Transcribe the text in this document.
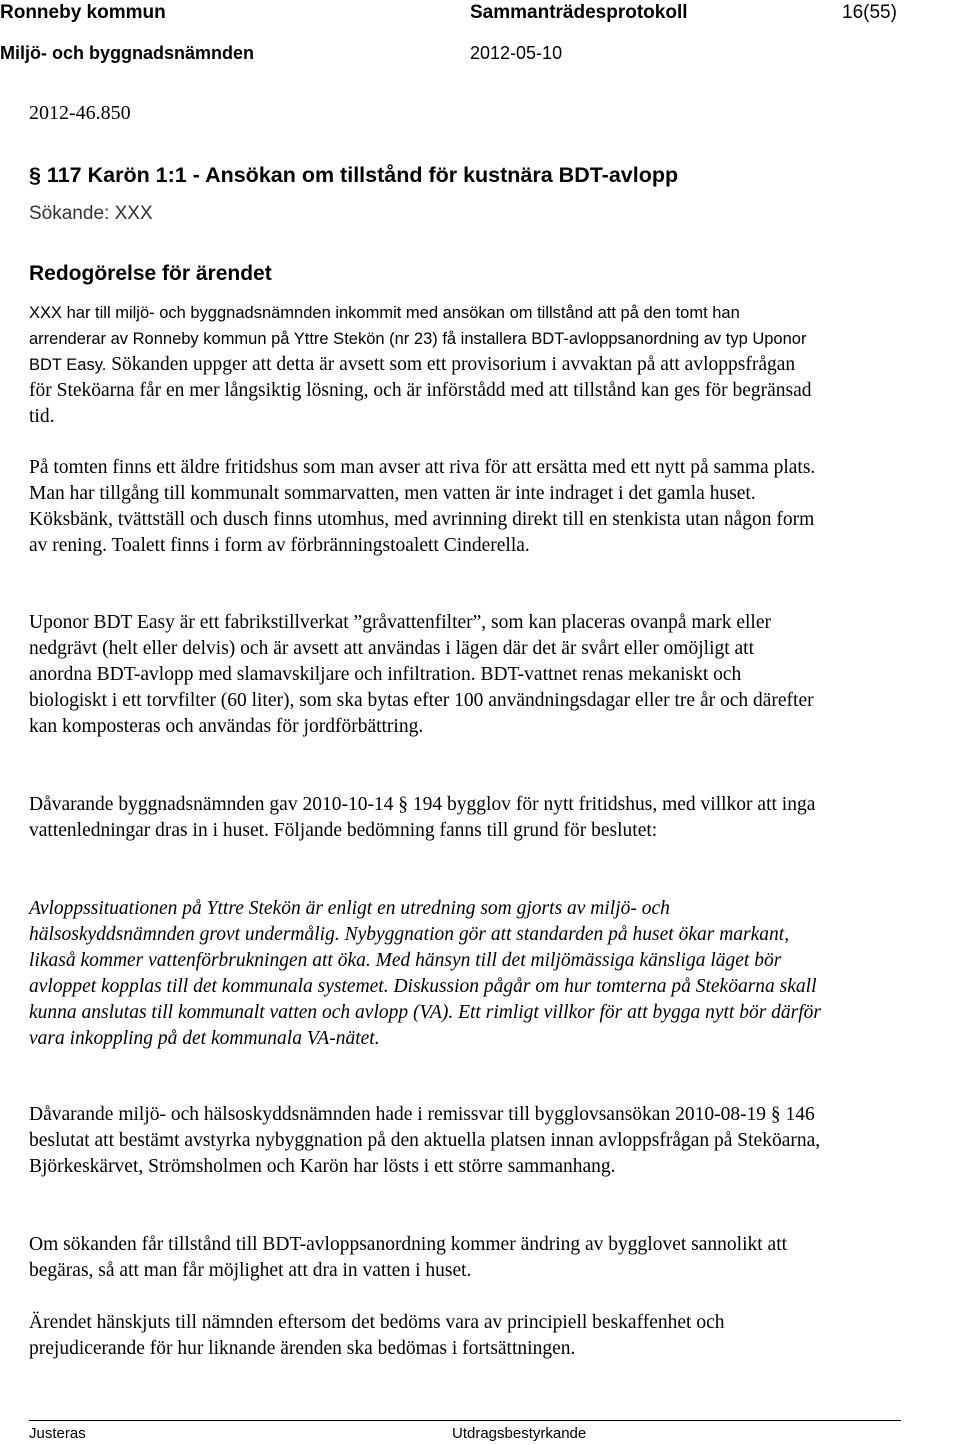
Ronneby kommun	Sammanträdesprotokoll	16(55)
Miljö- och byggnadsnämnden	2012-05-10
2012-46.850
§ 117 Karön 1:1 - Ansökan om tillstånd för kustnära BDT-avlopp
Sökande: XXX
Redogörelse för ärendet

XXX har till miljö- och byggnadsnämnden inkommit med ansökan om tillstånd att på den tomt han arrenderar av Ronneby kommun på Yttre Stekön (nr 23) få installera BDT-avloppsanordning av typ Uponor BDT Easy. Sökanden uppger att detta är avsett som ett provisorium i avvaktan på att avloppsfrågan för Steköarna får en mer långsiktig lösning, och är införstådd med att tillstånd kan ges för begränsad tid.

På tomten finns ett äldre fritidshus som man avser att riva för att ersätta med ett nytt på samma plats. Man har tillgång till kommunalt sommarvatten, men vatten är inte indraget i det gamla huset. Köksbänk, tvättställ och dusch finns utomhus, med avrinning direkt till en stenkista utan någon form av rening. Toalett finns i form av förbränningstoalett Cinderella.

Uponor BDT Easy är ett fabrikstillverkat ”gråvattenfilter”, som kan placeras ovanpå mark eller nedgrävt (helt eller delvis) och är avsett att användas i lägen där det är svårt eller omöjligt att anordna BDT-avlopp med slamavskiljare och infiltration. BDT-vattnet renas mekaniskt och biologiskt i ett torvfilter (60 liter), som ska bytas efter 100 användningsdagar eller tre år och därefter kan komposteras och användas för jordförbättring.

Dåvarande byggnadsnämnden gav 2010-10-14 § 194 bygglov för nytt fritidshus, med villkor att inga vattenledningar dras in i huset. Följande bedömning fanns till grund för beslutet:

Avloppssituationen på Yttre Stekön är enligt en utredning som gjorts av miljö- och hälsoskyddsnämnden grovt undermålig. Nybyggnation gör att standarden på huset ökar markant, likaså kommer vattenförbrukningen att öka. Med hänsyn till det miljömässiga känsliga läget bör avloppet kopplas till det kommunala systemet. Diskussion pågår om hur tomterna på Steköarna skall kunna anslutas till kommunalt vatten och avlopp (VA). Ett rimligt villkor för att bygga nytt bör därför vara inkoppling på det kommunala VA-nätet.

Dåvarande miljö- och hälsoskyddsnämnden hade i remissvar till bygglovsansökan 2010-08-19 § 146 beslutat att bestämt avstyrka nybyggnation på den aktuella platsen innan avloppsfrågan på Steköarna, Björkeskärvet, Strömsholmen och Karön har lösts i ett större sammanhang.

Om sökanden får tillstånd till BDT-avloppsanordning kommer ändring av bygglovet sannolikt att begäras, så att man får möjlighet att dra in vatten i huset.

Ärendet hänskjuts till nämnden eftersom det bedöms vara av principiell beskaffenhet och prejudicerande för hur liknande ärenden ska bedömas i fortsättningen.

Justeras	Utdragsbestyrkande
